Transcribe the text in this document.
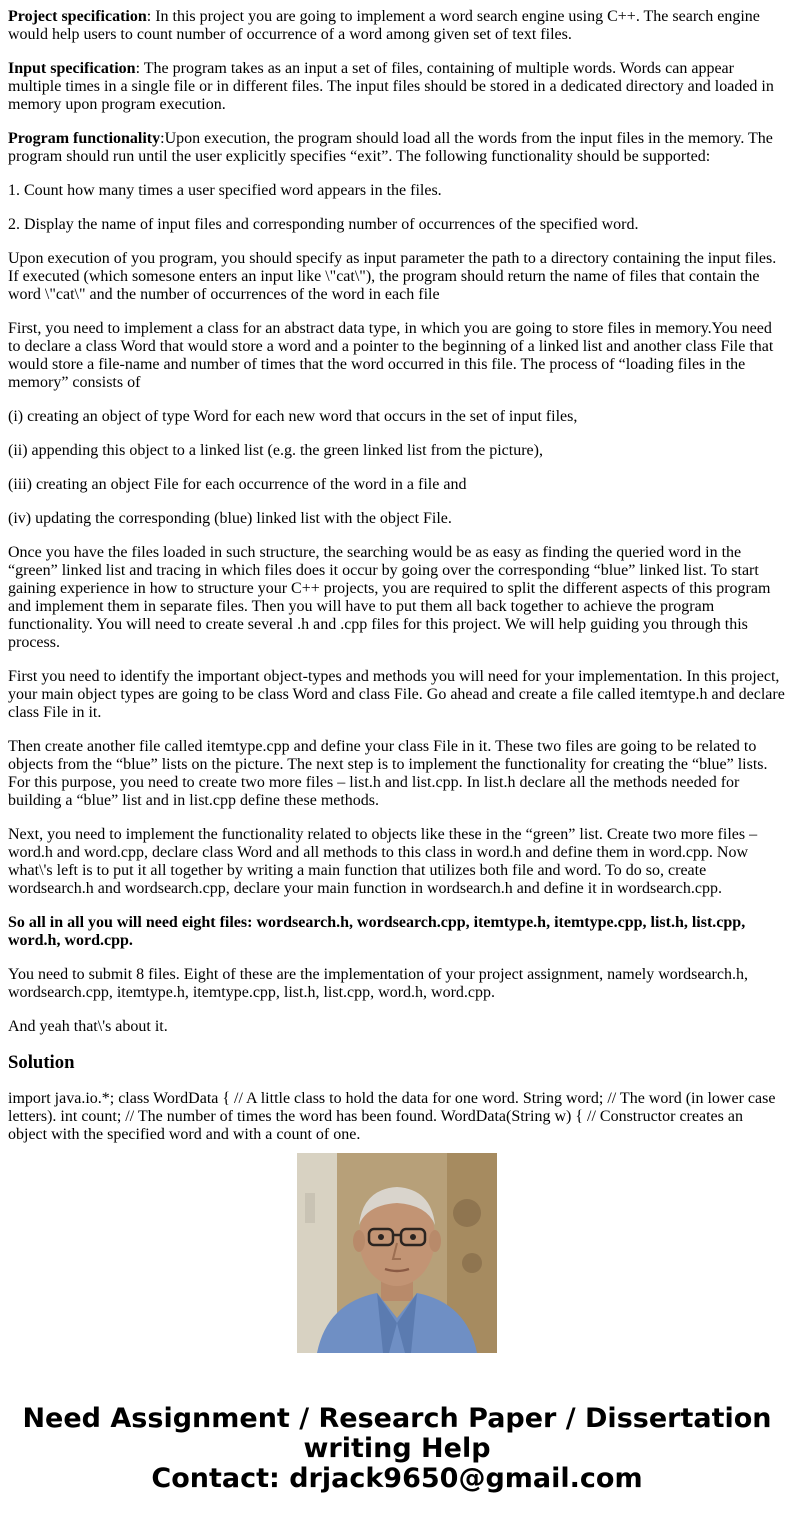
Project specification: In this project you are going to implement a word search engine using C++. The search engine would help users to count number of occurrence of a word among given set of text files.

Input specification: The program takes as an input a set of files, containing of multiple words. Words can appear multiple times in a single file or in different files. The input files should be stored in a dedicated directory and loaded in memory upon program execution.

Program functionality:Upon execution, the program should load all the words from the input files in the memory. The program should run until the user explicitly specifies “exit”. The following functionality should be supported:

1. Count how many times a user specified word appears in the files.

2. Display the name of input files and corresponding number of occurrences of the specified word.

Upon execution of you program, you should specify as input parameter the path to a directory containing the input files. If executed (which somesone enters an input like \"cat\"), the program should return the name of files that contain the word \"cat\" and the number of occurrences of the word in each file

First, you need to implement a class for an abstract data type, in which you are going to store files in memory.You need to declare a class Word that would store a word and a pointer to the beginning of a linked list and another class File that would store a file-name and number of times that the word occurred in this file. The process of “loading files in the memory” consists of

(i) creating an object of type Word for each new word that occurs in the set of input files,

(ii) appending this object to a linked list (e.g. the green linked list from the picture),

(iii) creating an object File for each occurrence of the word in a file and

(iv) updating the corresponding (blue) linked list with the object File.

Once you have the files loaded in such structure, the searching would be as easy as finding the queried word in the “green” linked list and tracing in which files does it occur by going over the corresponding “blue” linked list. To start gaining experience in how to structure your C++ projects, you are required to split the different aspects of this program and implement them in separate files. Then you will have to put them all back together to achieve the program functionality. You will need to create several .h and .cpp files for this project. We will help guiding you through this process.

First you need to identify the important object-types and methods you will need for your implementation. In this project, your main object types are going to be class Word and class File. Go ahead and create a file called itemtype.h and declare class File in it.

Then create another file called itemtype.cpp and define your class File in it. These two files are going to be related to objects from the “blue” lists on the picture. The next step is to implement the functionality for creating the “blue” lists. For this purpose, you need to create two more files – list.h and list.cpp. In list.h declare all the methods needed for building a “blue” list and in list.cpp define these methods.

Next, you need to implement the functionality related to objects like these in the “green” list. Create two more files – word.h and word.cpp, declare class Word and all methods to this class in word.h and define them in word.cpp. Now what\'s left is to put it all together by writing a main function that utilizes both file and word. To do so, create wordsearch.h and wordsearch.cpp, declare your main function in wordsearch.h and define it in wordsearch.cpp.

So all in all you will need eight files: wordsearch.h, wordsearch.cpp, itemtype.h, itemtype.cpp, list.h, list.cpp, word.h, word.cpp.

You need to submit 8 files. Eight of these are the implementation of your project assignment, namely wordsearch.h, wordsearch.cpp, itemtype.h, itemtype.cpp, list.h, list.cpp, word.h, word.cpp.

And yeah that\'s about it.

Solution

import java.io.*; class WordData { // A little class to hold the data for one word. String word; // The word (in lower case letters). int count; // The number of times the word has been found. WordData(String w) { // Constructor creates an object with the specified word and with a count of one.

Need Assignment / Research Paper / Dissertation
writing Help
Contact: drjack9650@gmail.com
